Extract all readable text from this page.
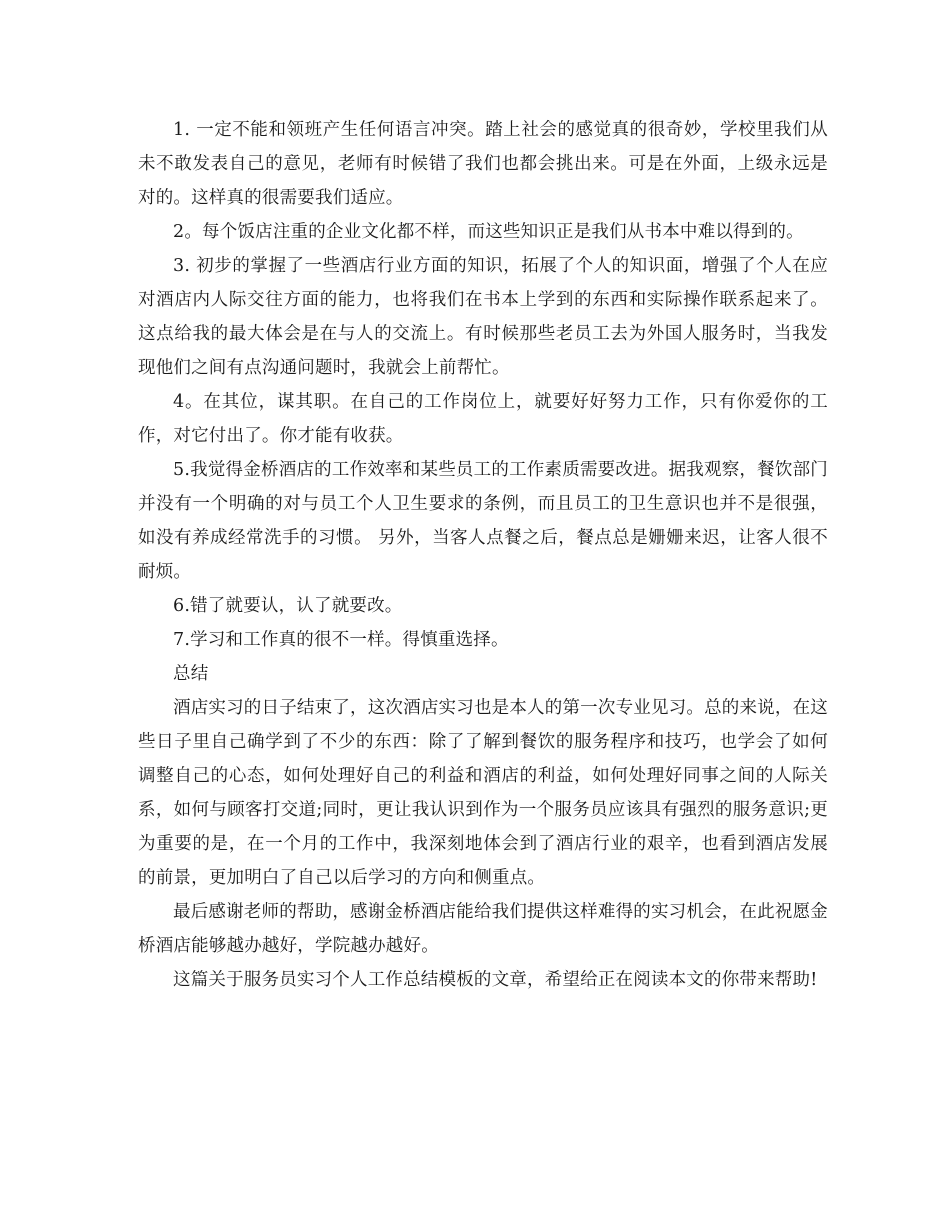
1. 一定不能和领班产生任何语言冲突。踏上社会的感觉真的很奇妙，学校里我们从未不敢发表自己的意见，老师有时候错了我们也都会挑出来。可是在外面，上级永远是对的。这样真的很需要我们适应。

2。每个饭店注重的企业文化都不样，而这些知识正是我们从书本中难以得到的。

3. 初步的掌握了一些酒店行业方面的知识，拓展了个人的知识面，增强了个人在应对酒店内人际交往方面的能力，也将我们在书本上学到的东西和实际操作联系起来了。这点给我的最大体会是在与人的交流上。有时候那些老员工去为外国人服务时，当我发现他们之间有点沟通问题时，我就会上前帮忙。

4。在其位，谋其职。在自己的工作岗位上，就要好好努力工作，只有你爱你的工作，对它付出了。你才能有收获。

5.我觉得金桥酒店的工作效率和某些员工的工作素质需要改进。据我观察，餐饮部门并没有一个明确的对与员工个人卫生要求的条例，而且员工的卫生意识也并不是很强，如没有养成经常洗手的习惯。 另外，当客人点餐之后，餐点总是姗姗来迟，让客人很不耐烦。

6.错了就要认，认了就要改。

7.学习和工作真的很不一样。得慎重选择。

总结

酒店实习的日子结束了，这次酒店实习也是本人的第一次专业见习。总的来说，在这些日子里自己确学到了不少的东西：除了了解到餐饮的服务程序和技巧，也学会了如何调整自己的心态，如何处理好自己的利益和酒店的利益，如何处理好同事之间的人际关系，如何与顾客打交道;同时，更让我认识到作为一个服务员应该具有强烈的服务意识;更为重要的是，在一个月的工作中，我深刻地体会到了酒店行业的艰辛，也看到酒店发展的前景，更加明白了自己以后学习的方向和侧重点。

最后感谢老师的帮助，感谢金桥酒店能给我们提供这样难得的实习机会，在此祝愿金桥酒店能够越办越好，学院越办越好。

这篇关于服务员实习个人工作总结模板的文章，希望给正在阅读本文的你带来帮助!
